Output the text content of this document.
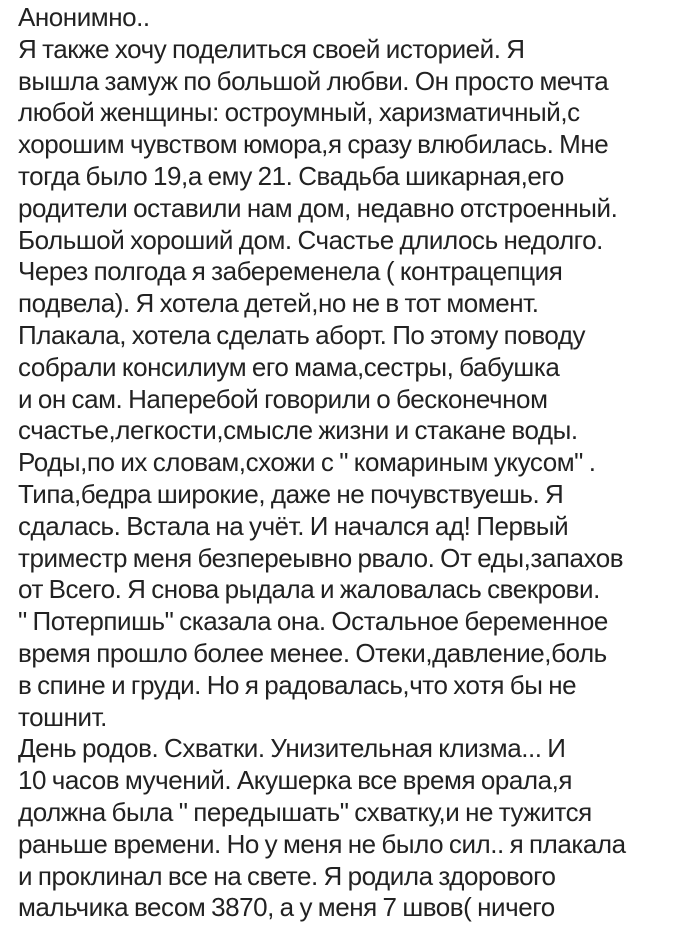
Анонимно..
Я также хочу поделиться своей историей. Я
вышла замуж по большой любви. Он просто мечта
любой женщины: остроумный, харизматичный,с
хорошим чувством юмора,я сразу влюбилась. Мне
тогда было 19,а ему 21. Свадьба шикарная,его
родители оставили нам дом, недавно отстроенный.
Большой хороший дом. Счастье длилось недолго.
Через полгода я забеременела ( контрацепция
подвела). Я хотела детей,но не в тот момент.
Плакала, хотела сделать аборт. По этому поводу
собрали консилиум его мама,сестры, бабушка
и он сам. Наперебой говорили о бесконечном
счастье,легкости,смысле жизни и стакане воды.
Роды,по их словам,схожи с " комариным укусом" .
Типа,бедра широкие, даже не почувствуешь. Я
сдалась. Встала на учёт. И начался ад! Первый
триместр меня безпереывно рвало. От еды,запахов
от Всего. Я снова рыдала и жаловалась свекрови.
" Потерпишь" сказала она. Остальное беременное
время прошло более менее. Отеки,давление,боль
в спине и груди. Но я радовалась,что хотя бы не
тошнит.
День родов. Схватки. Унизительная клизма... И
10 часов мучений. Акушерка все время орала,я
должна была " передышать" схватку,и не тужится
раньше времени. Но у меня не было сил.. я плакала
и проклинал все на свете. Я родила здорового
мальчика весом 3870, а у меня 7 швов( ничего
